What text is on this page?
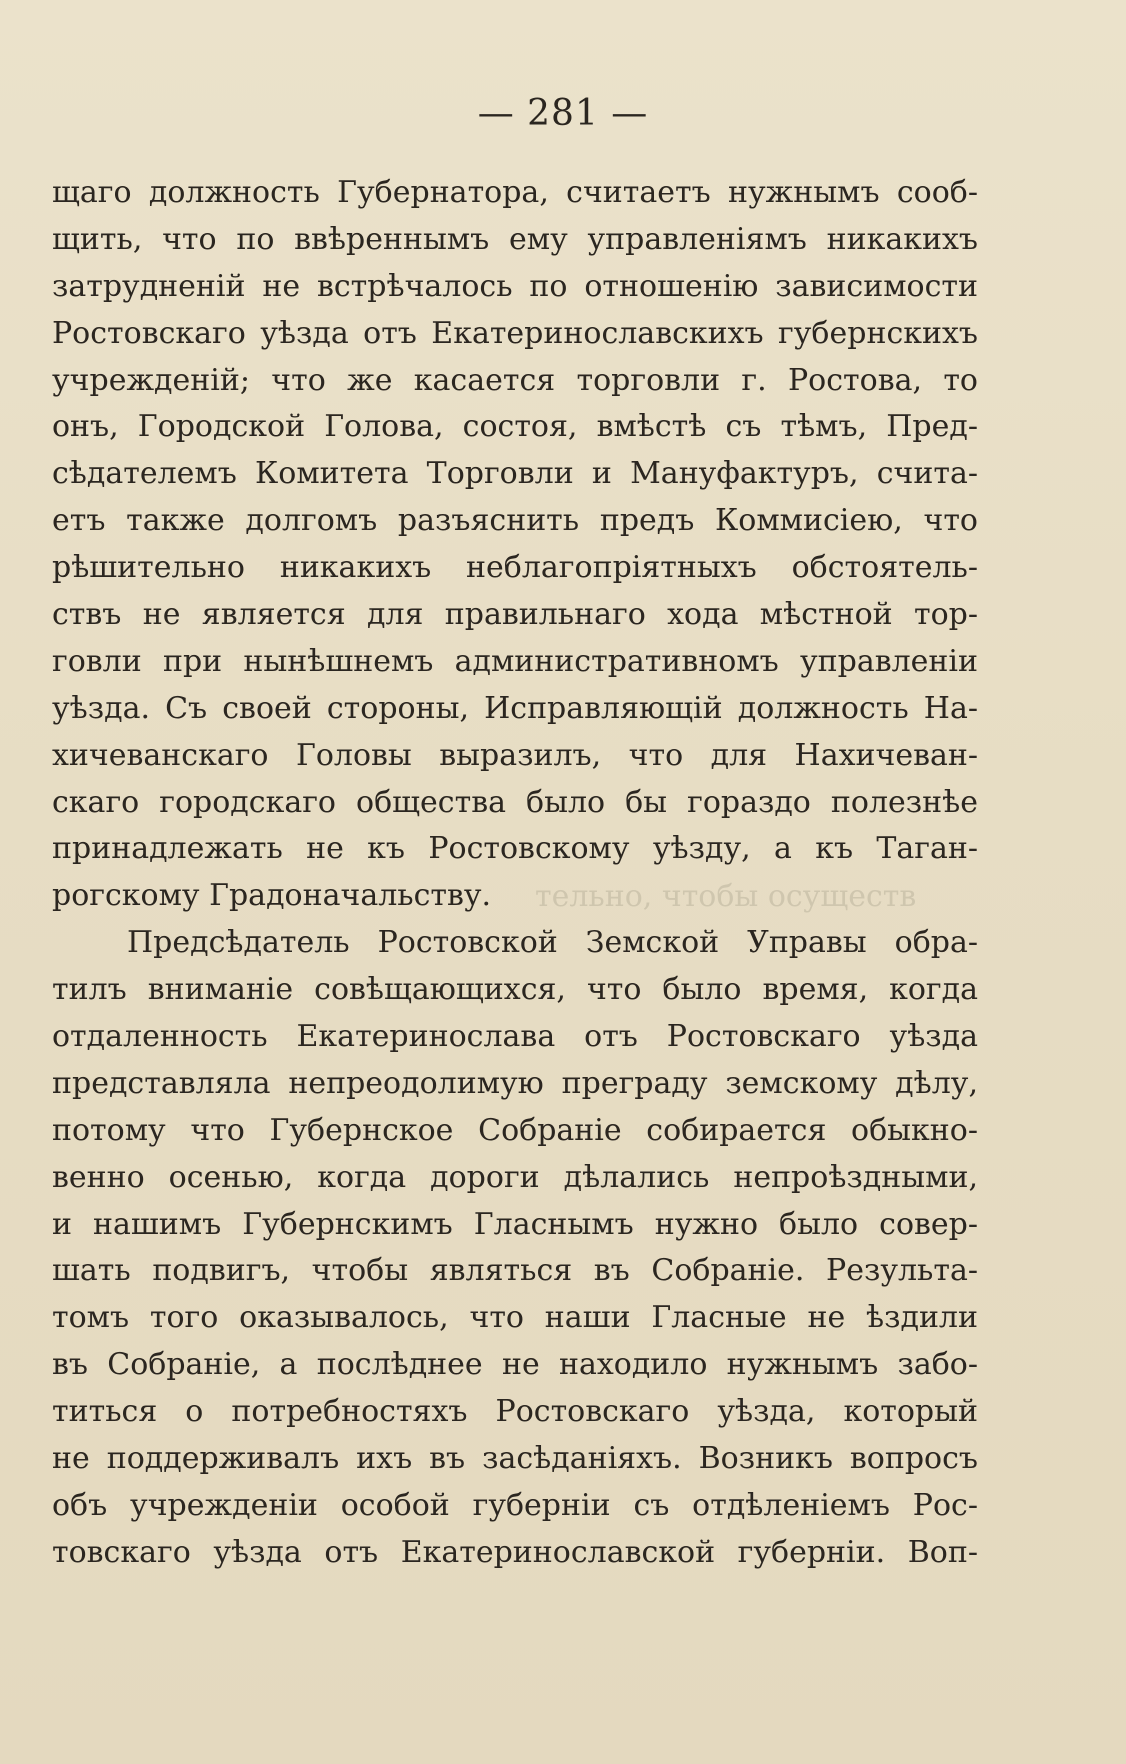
тельно, чтобы осуществ
— 281 —
щаго должность Губернатора, считаетъ нужнымъ сооб-
щить, что по ввѣреннымъ ему управленіямъ никакихъ
затрудненій не встрѣчалось по отношенію зависимости
Ростовскаго уѣзда отъ Екатеринославскихъ губернскихъ
учрежденій; что же касается торговли г. Ростова, то
онъ, Городской Голова, состоя, вмѣстѣ съ тѣмъ, Пред-
сѣдателемъ Комитета Торговли и Мануфактуръ, счита-
етъ также долгомъ разъяснить предъ Коммисіею, что
рѣшительно никакихъ неблагопріятныхъ обстоятель-
ствъ не является для правильнаго хода мѣстной тор-
говли при нынѣшнемъ административномъ управленіи
уѣзда. Съ своей стороны, Исправляющій должность На-
хичеванскаго Головы выразилъ, что для Нахичеван-
скаго городскаго общества было бы гораздо полезнѣе
принадлежать не къ Ростовскому уѣзду, а къ Таган-
рогскому Градоначальству.
Предсѣдатель Ростовской Земской Управы обра-
тилъ вниманіе совѣщающихся, что было время, когда
отдаленность Екатеринослава отъ Ростовскаго уѣзда
представляла непреодолимую преграду земскому дѣлу,
потому что Губернское Собраніе собирается обыкно-
венно осенью, когда дороги дѣлались непроѣздными,
и нашимъ Губернскимъ Гласнымъ нужно было совер-
шать подвигъ, чтобы являться въ Собраніе. Результа-
томъ того оказывалось, что наши Гласные не ѣздили
въ Собраніе, а послѣднее не находило нужнымъ забо-
титься о потребностяхъ Ростовскаго уѣзда, который
не поддерживалъ ихъ въ засѣданіяхъ. Возникъ вопросъ
объ учрежденіи особой губерніи съ отдѣленіемъ Рос-
товскаго уѣзда отъ Екатеринославской губерніи. Воп-
